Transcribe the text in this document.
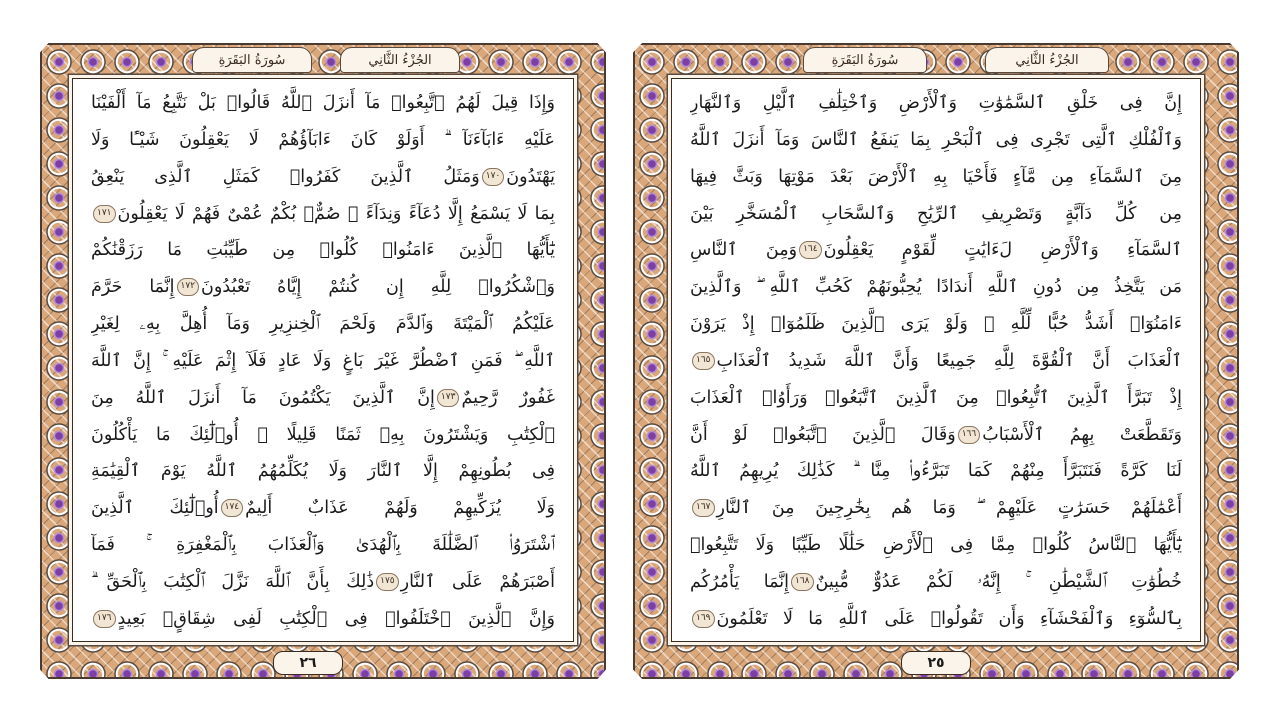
الجُزْءُ الثَّانِي
سُورَةُ البَقَرَةِ
وَإِذَا قِيلَ لَهُمُ ٱتَّبِعُوا۟ مَآ أَنزَلَ ٱللَّهُ قَالُوا۟ بَلْ نَتَّبِعُ مَآ أَلْفَيْنَا
عَلَيْهِ ءَابَآءَنَآ ۗ أَوَلَوْ كَانَ ءَابَآؤُهُمْ لَا يَعْقِلُونَ شَيْـًٔا وَلَا
يَهْتَدُونَ١٧٠وَمَثَلُ ٱلَّذِينَ كَفَرُوا۟ كَمَثَلِ ٱلَّذِى يَنْعِقُ
بِمَا لَا يَسْمَعُ إِلَّا دُعَآءً وَنِدَآءً ۚ صُمٌّۢ بُكْمٌ عُمْىٌ فَهُمْ لَا يَعْقِلُونَ١٧١
يَٰٓأَيُّهَا ٱلَّذِينَ ءَامَنُوا۟ كُلُوا۟ مِن طَيِّبَٰتِ مَا رَزَقْنَٰكُمْ
وَٱشْكُرُوا۟ لِلَّهِ إِن كُنتُمْ إِيَّاهُ تَعْبُدُونَ١٧٢إِنَّمَا حَرَّمَ
عَلَيْكُمُ ٱلْمَيْتَةَ وَٱلدَّمَ وَلَحْمَ ٱلْخِنزِيرِ وَمَآ أُهِلَّ بِهِۦ لِغَيْرِ
ٱللَّهِ ۖ فَمَنِ ٱضْطُرَّ غَيْرَ بَاغٍ وَلَا عَادٍ فَلَآ إِثْمَ عَلَيْهِ ۚ إِنَّ ٱللَّهَ
غَفُورٌ رَّحِيمٌ١٧٣إِنَّ ٱلَّذِينَ يَكْتُمُونَ مَآ أَنزَلَ ٱللَّهُ مِنَ
ٱلْكِتَٰبِ وَيَشْتَرُونَ بِهِۦ ثَمَنًا قَلِيلًا ۙ أُو۟لَٰٓئِكَ مَا يَأْكُلُونَ
فِى بُطُونِهِمْ إِلَّا ٱلنَّارَ وَلَا يُكَلِّمُهُمُ ٱللَّهُ يَوْمَ ٱلْقِيَٰمَةِ
وَلَا يُزَكِّيهِمْ وَلَهُمْ عَذَابٌ أَلِيمٌ١٧٤أُو۟لَٰٓئِكَ ٱلَّذِينَ
ٱشْتَرَوُا۟ ٱلضَّلَٰلَةَ بِٱلْهُدَىٰ وَٱلْعَذَابَ بِٱلْمَغْفِرَةِ ۚ فَمَآ
أَصْبَرَهُمْ عَلَى ٱلنَّارِ١٧٥ذَٰلِكَ بِأَنَّ ٱللَّهَ نَزَّلَ ٱلْكِتَٰبَ بِٱلْحَقِّ ۗ
وَإِنَّ ٱلَّذِينَ ٱخْتَلَفُوا۟ فِى ٱلْكِتَٰبِ لَفِى شِقَاقٍۭ بَعِيدٍ١٧٦
٢٦
الجُزْءُ الثَّانِي
سُورَةُ البَقَرَةِ
إِنَّ فِى خَلْقِ ٱلسَّمَٰوَٰتِ وَٱلْأَرْضِ وَٱخْتِلَٰفِ ٱلَّيْلِ وَٱلنَّهَارِ
وَٱلْفُلْكِ ٱلَّتِى تَجْرِى فِى ٱلْبَحْرِ بِمَا يَنفَعُ ٱلنَّاسَ وَمَآ أَنزَلَ ٱللَّهُ
مِنَ ٱلسَّمَآءِ مِن مَّآءٍ فَأَحْيَا بِهِ ٱلْأَرْضَ بَعْدَ مَوْتِهَا وَبَثَّ فِيهَا
مِن كُلِّ دَآبَّةٍ وَتَصْرِيفِ ٱلرِّيَٰحِ وَٱلسَّحَابِ ٱلْمُسَخَّرِ بَيْنَ
ٱلسَّمَآءِ وَٱلْأَرْضِ لَءَايَٰتٍ لِّقَوْمٍ يَعْقِلُونَ١٦٤وَمِنَ ٱلنَّاسِ
مَن يَتَّخِذُ مِن دُونِ ٱللَّهِ أَندَادًا يُحِبُّونَهُمْ كَحُبِّ ٱللَّهِ ۖ وَٱلَّذِينَ
ءَامَنُوٓا۟ أَشَدُّ حُبًّا لِّلَّهِ ۗ وَلَوْ يَرَى ٱلَّذِينَ ظَلَمُوٓا۟ إِذْ يَرَوْنَ
ٱلْعَذَابَ أَنَّ ٱلْقُوَّةَ لِلَّهِ جَمِيعًا وَأَنَّ ٱللَّهَ شَدِيدُ ٱلْعَذَابِ١٦٥
إِذْ تَبَرَّأَ ٱلَّذِينَ ٱتُّبِعُوا۟ مِنَ ٱلَّذِينَ ٱتَّبَعُوا۟ وَرَأَوُا۟ ٱلْعَذَابَ
وَتَقَطَّعَتْ بِهِمُ ٱلْأَسْبَابُ١٦٦وَقَالَ ٱلَّذِينَ ٱتَّبَعُوا۟ لَوْ أَنَّ
لَنَا كَرَّةً فَنَتَبَرَّأَ مِنْهُمْ كَمَا تَبَرَّءُوا۟ مِنَّا ۗ كَذَٰلِكَ يُرِيهِمُ ٱللَّهُ
أَعْمَٰلَهُمْ حَسَرَٰتٍ عَلَيْهِمْ ۖ وَمَا هُم بِخَٰرِجِينَ مِنَ ٱلنَّارِ١٦٧
يَٰٓأَيُّهَا ٱلنَّاسُ كُلُوا۟ مِمَّا فِى ٱلْأَرْضِ حَلَٰلًا طَيِّبًا وَلَا تَتَّبِعُوا۟
خُطُوَٰتِ ٱلشَّيْطَٰنِ ۚ إِنَّهُۥ لَكُمْ عَدُوٌّ مُّبِينٌ١٦٨إِنَّمَا يَأْمُرُكُم
بِٱلسُّوٓءِ وَٱلْفَحْشَآءِ وَأَن تَقُولُوا۟ عَلَى ٱللَّهِ مَا لَا تَعْلَمُونَ١٦٩
٢٥
